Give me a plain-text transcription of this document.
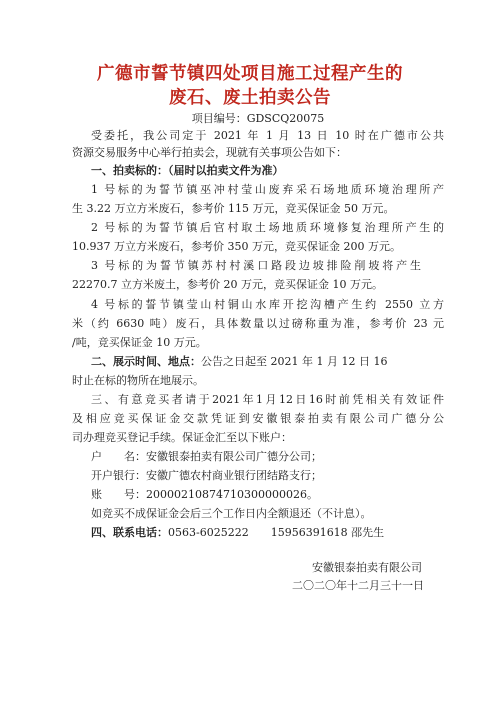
广德市誓节镇四处项目施工过程产生的
废石、废土拍卖公告
项目编号：GDSCQ20075
受委托，我公司定于 2021 年 1 月 13 日 10 时在广德市公共
资源交易服务中心举行拍卖会，现就有关事项公告如下：
一、拍卖标的：（届时以拍卖文件为准）
1 号标的为誓节镇巫冲村莹山废弃采石场地质环境治理所产
生 3.22 万立方米废石，参考价 115 万元，竞买保证金 50 万元。
2 号标的为誓节镇后官村取土场地质环境修复治理所产生的
10.937 万立方米废石，参考价 350 万元，竞买保证金 200 万元。
3 号标的为誓节镇苏村村溪口路段边坡排险削坡将产生
22270.7 立方米废土，参考价 20 万元，竞买保证金 10 万元。
4 号标的誓节镇莹山村铜山水库开挖沟槽产生约 2550 立方
米（约 6630 吨）废石，具体数量以过磅称重为准，参考价 23 元
/吨，竞买保证金 10 万元。
二、展示时间、地点：公告之日起至 2021 年 1 月 12 日 16
时止在标的物所在地展示。
三、有意竞买者请于2021年1月12日16时前凭相关有效证件
及相应竞买保证金交款凭证到安徽银泰拍卖有限公司广德分公
司办理竞买登记手续。保证金汇至以下账户：
户　　名：安徽银泰拍卖有限公司广德分公司；
开户银行：安徽广德农村商业银行团结路支行；
账　　号：20000210874710300000026。
如竞买不成保证金会后三个工作日内全额退还（不计息）。
四、联系电话：0563-6025222　　15956391618 邵先生
安徽银泰拍卖有限公司
二〇二〇年十二月三十一日
